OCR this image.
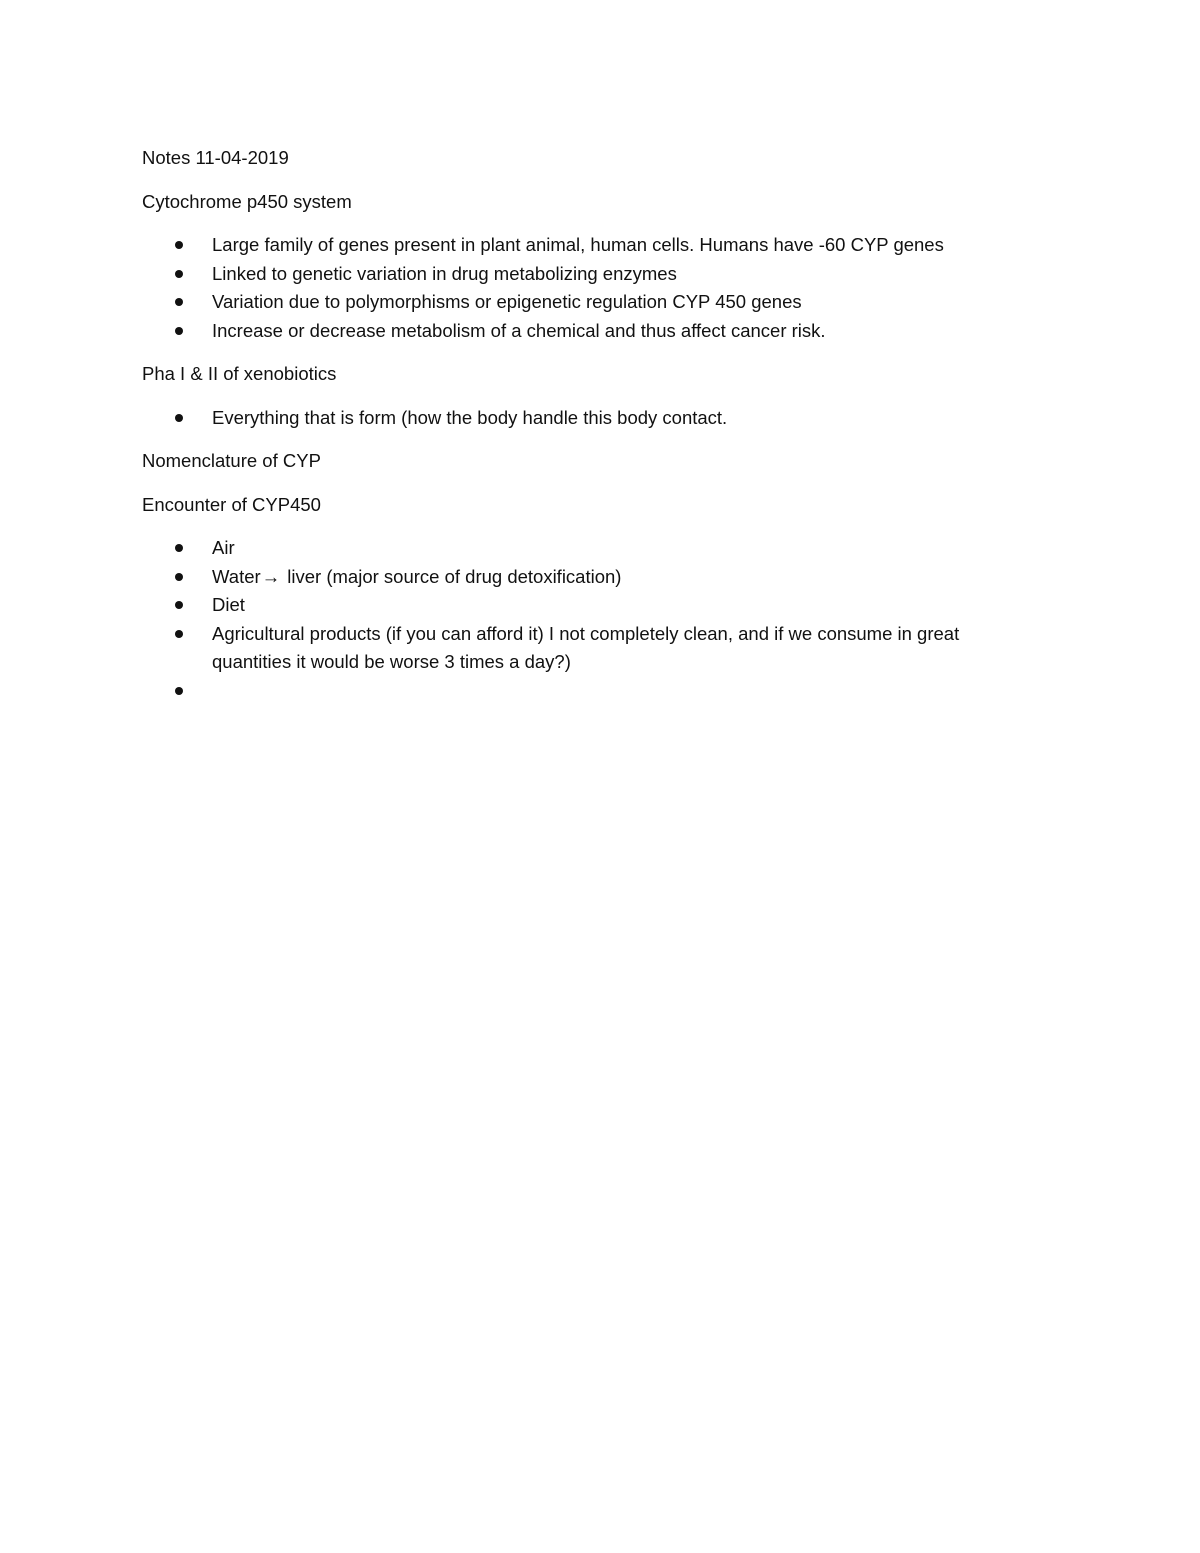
Notes 11-04-2019

Cytochrome p450 system

Large family of genes present in plant animal, human cells. Humans have -60 CYP genes
Linked to genetic variation in drug metabolizing enzymes
Variation due to polymorphisms or epigenetic regulation CYP 450 genes
Increase or decrease metabolism of a chemical and thus affect cancer risk.

Pha I & II of xenobiotics

Everything that is form (how the body handle this body contact.

Nomenclature of CYP

Encounter of CYP450

Air
Water→ liver (major source of drug detoxification)
Diet
Agricultural products (if you can afford it) I not completely clean, and if we consume in great quantities it would be worse 3 times a day?)
